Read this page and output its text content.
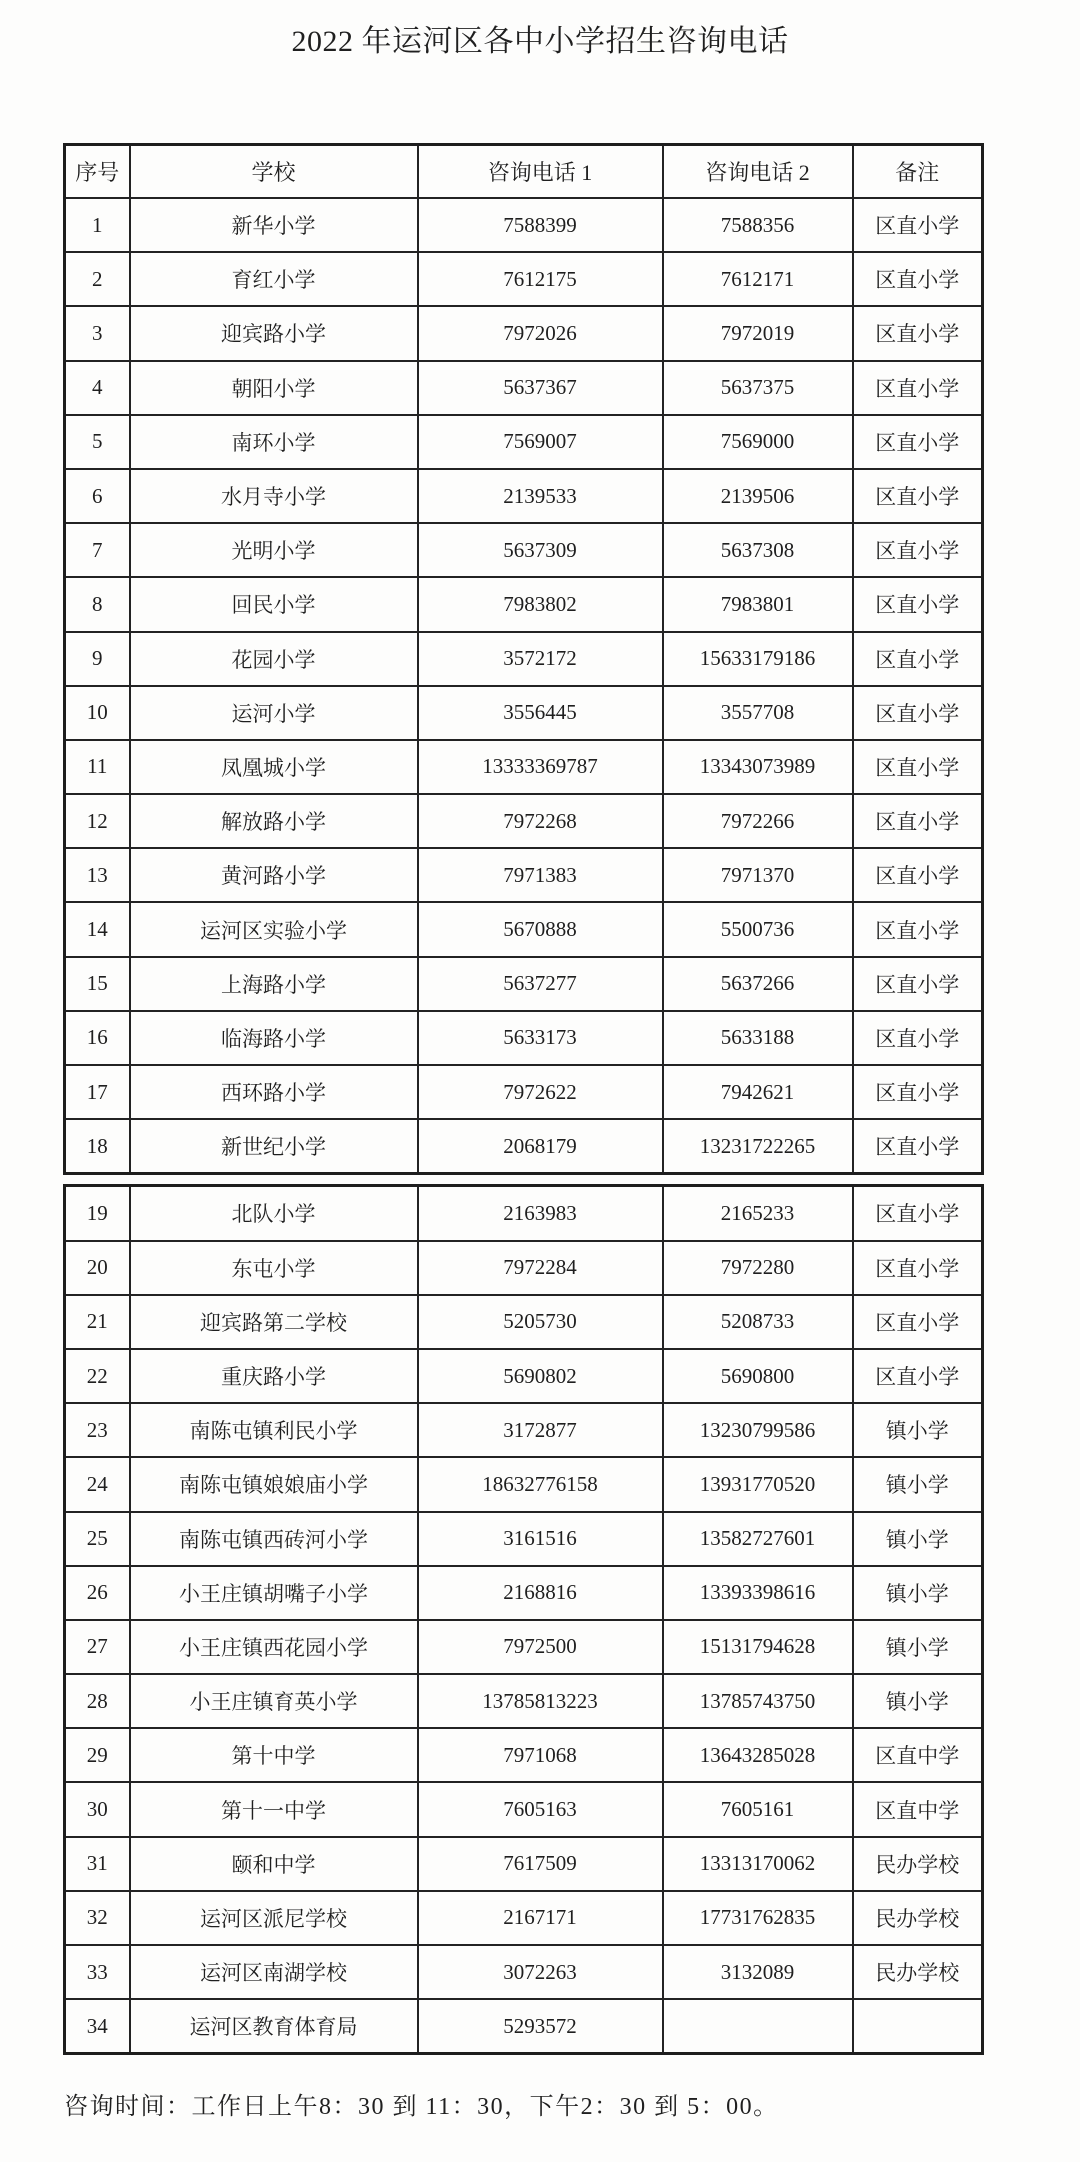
2022 年运河区各中小学招生咨询电话
序号	学校	咨询电话 1	咨询电话 2	备注
1	新华小学	7588399	7588356	区直小学
2	育红小学	7612175	7612171	区直小学
3	迎宾路小学	7972026	7972019	区直小学
4	朝阳小学	5637367	5637375	区直小学
5	南环小学	7569007	7569000	区直小学
6	水月寺小学	2139533	2139506	区直小学
7	光明小学	5637309	5637308	区直小学
8	回民小学	7983802	7983801	区直小学
9	花园小学	3572172	15633179186	区直小学
10	运河小学	3556445	3557708	区直小学
11	凤凰城小学	13333369787	13343073989	区直小学
12	解放路小学	7972268	7972266	区直小学
13	黄河路小学	7971383	7971370	区直小学
14	运河区实验小学	5670888	5500736	区直小学
15	上海路小学	5637277	5637266	区直小学
16	临海路小学	5633173	5633188	区直小学
17	西环路小学	7972622	7942621	区直小学
18	新世纪小学	2068179	13231722265	区直小学
19	北队小学	2163983	2165233	区直小学
20	东屯小学	7972284	7972280	区直小学
21	迎宾路第二学校	5205730	5208733	区直小学
22	重庆路小学	5690802	5690800	区直小学
23	南陈屯镇利民小学	3172877	13230799586	镇小学
24	南陈屯镇娘娘庙小学	18632776158	13931770520	镇小学
25	南陈屯镇西砖河小学	3161516	13582727601	镇小学
26	小王庄镇胡嘴子小学	2168816	13393398616	镇小学
27	小王庄镇西花园小学	7972500	15131794628	镇小学
28	小王庄镇育英小学	13785813223	13785743750	镇小学
29	第十中学	7971068	13643285028	区直中学
30	第十一中学	7605163	7605161	区直中学
31	颐和中学	7617509	13313170062	民办学校
32	运河区派尼学校	2167171	17731762835	民办学校
33	运河区南湖学校	3072263	3132089	民办学校
34	运河区教育体育局	5293572		
咨询时间：工作日上午8：30 到 11：30，下午2：30 到 5：00。
